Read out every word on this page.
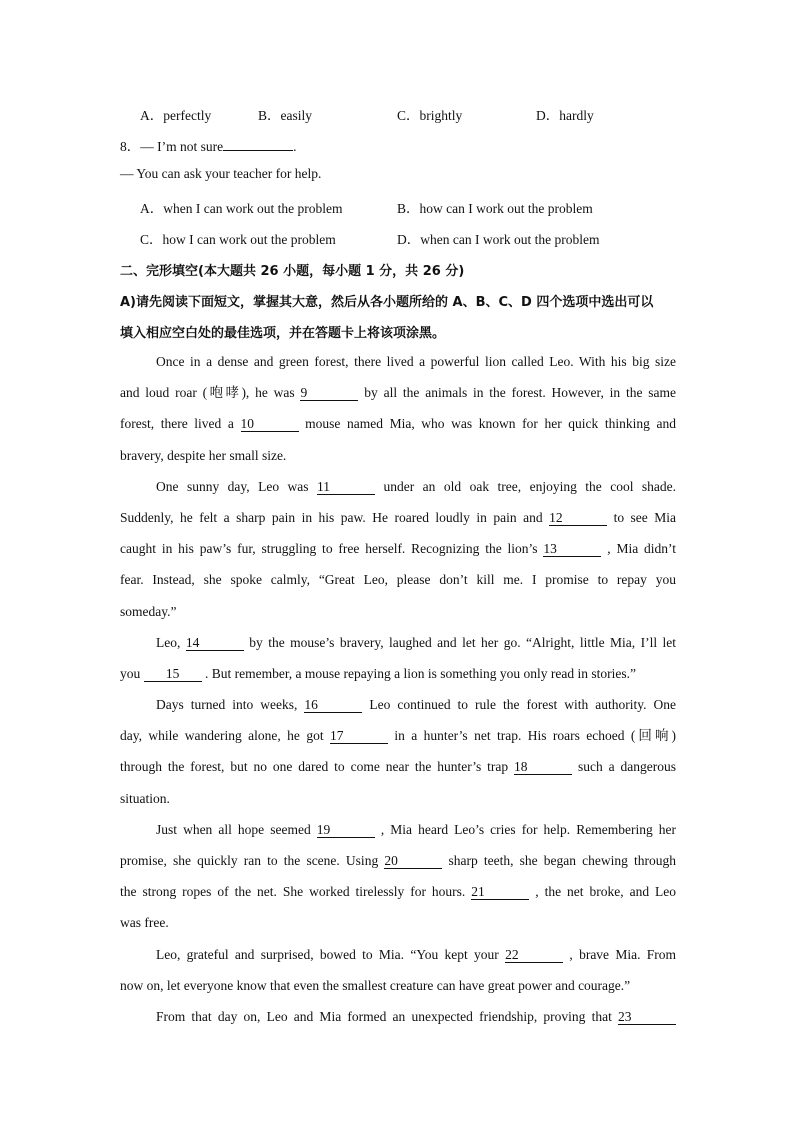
A．perfectly	B．easily	C．brightly	D．hardly
8．— I’m not sure	.
— You can ask your teacher for help.
A．when I can work out the problem	B．how can I work out the problem
C．how I can work out the problem	D．when can I work out the problem
二、完形填空(本大题共 26 小题，每小题 1 分，共 26 分)
A)请先阅读下面短文，掌握其大意，然后从各小题所给的 A、B、C、D 四个选项中选出可以
填入相应空白处的最佳选项，并在答题卡上将该项涂黑。
Once in a dense and green forest, there lived a powerful lion called Leo. With his big size
and loud roar (咆哮), he was 9	by all the animals in the forest. However, in the same
forest, there lived a 10	mouse named Mia, who was known for her quick thinking and
bravery, despite her small size.
One sunny day, Leo was 11	under an old oak tree, enjoying the cool shade.
Suddenly, he felt a sharp pain in his paw. He roared loudly in pain and 12	to see Mia
caught in his paw’s fur, struggling to free herself. Recognizing the lion’s 13	, Mia didn’t
fear. Instead, she spoke calmly, “Great Leo, please don’t kill me. I promise to repay you
someday.”
Leo, 14	by the mouse’s bravery, laughed and let her go. “Alright, little Mia, I’ll let
you 15 . But remember, a mouse repaying a lion is something you only read in stories.”
Days turned into weeks, 16	Leo continued to rule the forest with authority. One
day, while wandering alone, he got 17	in a hunter’s net trap. His roars echoed (回响)
through the forest, but no one dared to come near the hunter’s trap 18	such a dangerous
situation.
Just when all hope seemed 19	, Mia heard Leo’s cries for help. Remembering her
promise, she quickly ran to the scene. Using 20	sharp teeth, she began chewing through
the strong ropes of the net. She worked tirelessly for hours. 21	, the net broke, and Leo
was free.
Leo, grateful and surprised, bowed to Mia. “You kept your 22	, brave Mia. From
now on, let everyone know that even the smallest creature can have great power and courage.”
From that day on, Leo and Mia formed an unexpected friendship, proving that 23
